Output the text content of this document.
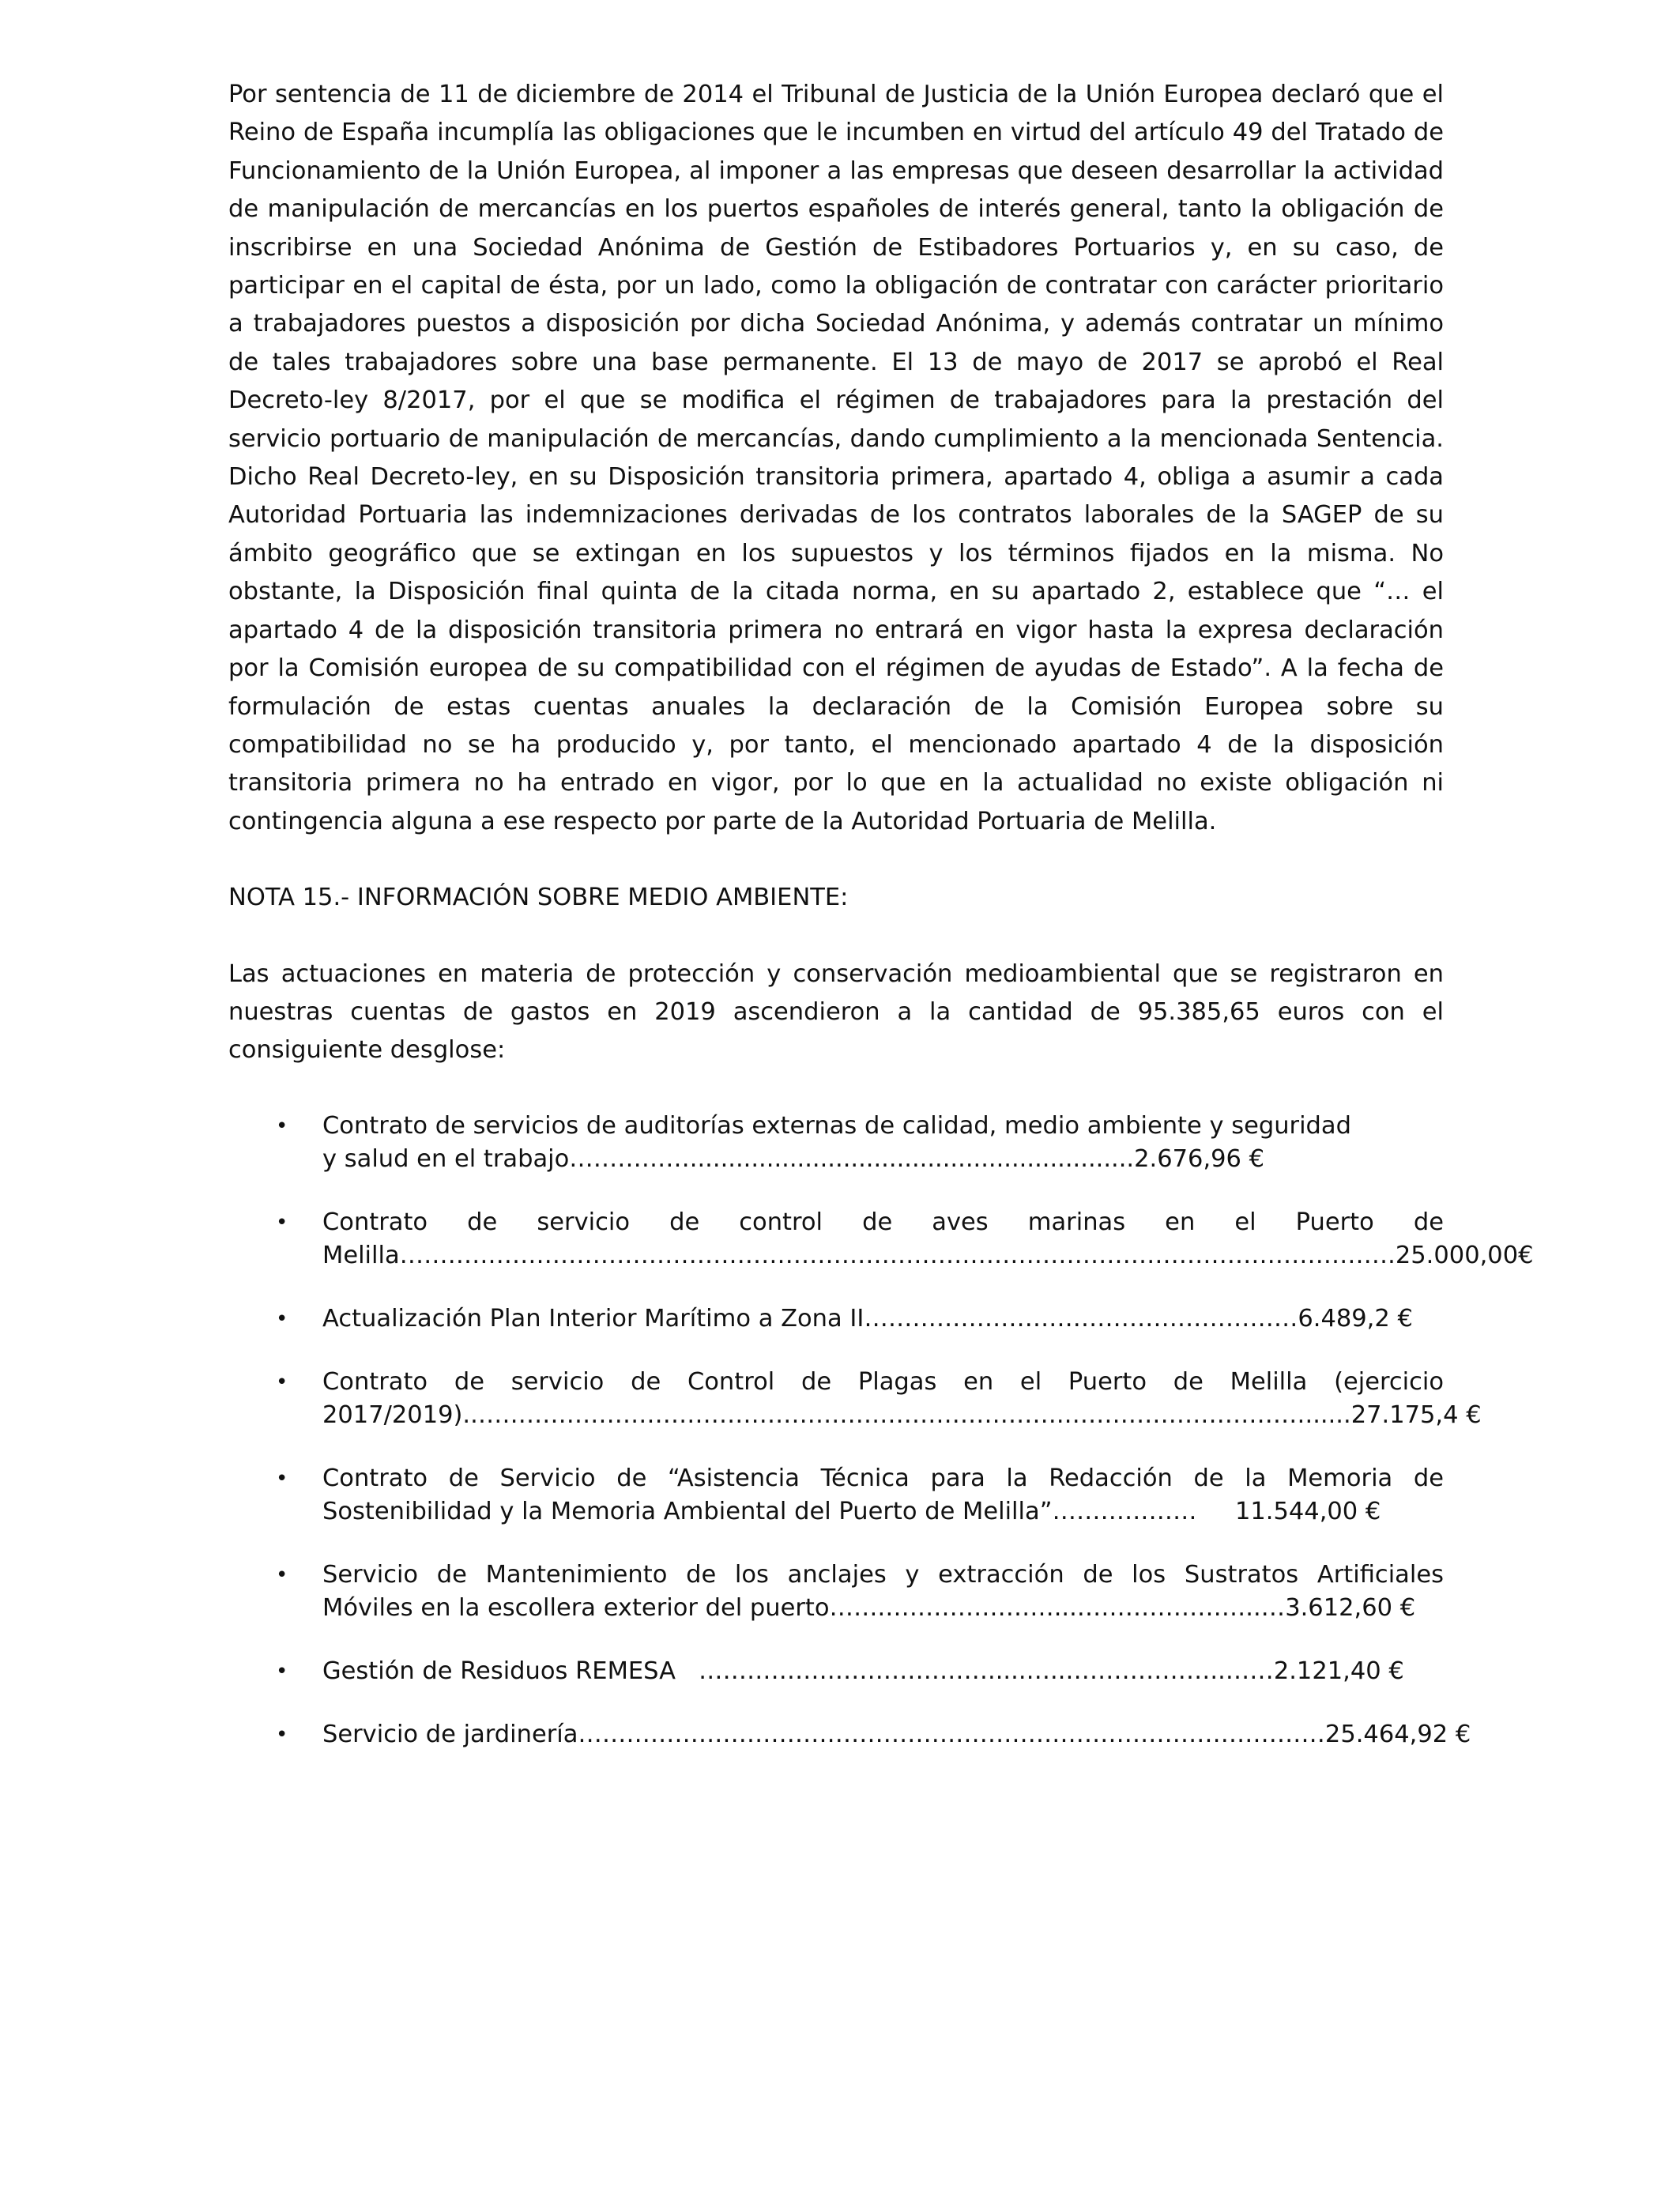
Por sentencia de 11 de diciembre de 2014 el Tribunal de Justicia de la Unión Europea declaró que el Reino de España incumplía las obligaciones que le incumben en virtud del artículo 49 del Tratado de Funcionamiento de la Unión Europea, al imponer a las empresas que deseen desarrollar la actividad de manipulación de mercancías en los puertos españoles de interés general, tanto la obligación de inscribirse en una Sociedad Anónima de Gestión de Estibadores Portuarios y, en su caso, de participar en el capital de ésta, por un lado, como la obligación de contratar con carácter prioritario a trabajadores puestos a disposición por dicha Sociedad Anónima, y además contratar un mínimo de tales trabajadores sobre una base permanente. El 13 de mayo de 2017 se aprobó el Real Decreto-ley 8/2017, por el que se modifica el régimen de trabajadores para la prestación del servicio portuario de manipulación de mercancías, dando cumplimiento a la mencionada Sentencia. Dicho Real Decreto-ley, en su Disposición transitoria primera, apartado 4, obliga a asumir a cada Autoridad Portuaria las indemnizaciones derivadas de los contratos laborales de la SAGEP de su ámbito geográfico que se extingan en los supuestos y los términos fijados en la misma. No obstante, la Disposición final quinta de la citada norma, en su apartado 2, establece que “… el apartado 4 de la disposición transitoria primera no entrará en vigor hasta la expresa declaración por la Comisión europea de su compatibilidad con el régimen de ayudas de Estado”. A la fecha de formulación de estas cuentas anuales la declaración de la Comisión Europea sobre su compatibilidad no se ha producido y, por tanto, el mencionado apartado 4 de la disposición transitoria primera no ha entrado en vigor, por lo que en la actualidad no existe obligación ni contingencia alguna a ese respecto por parte de la Autoridad Portuaria de Melilla.

NOTA 15.- INFORMACIÓN SOBRE MEDIO AMBIENTE:

Las actuaciones en materia de protección y conservación medioambiental que se registraron en nuestras cuentas de gastos en 2019 ascendieron a la cantidad de 95.385,65 euros con el consiguiente desglose:

• Contrato de servicios de auditorías externas de calidad, medio ambiente y seguridad
y salud en el trabajo……………..........................................................2.676,96 €
• Contrato de servicio de control de aves marinas en el Puerto de
Melilla…………………………………………………………………………………………………………….25.000,00€
• Actualización Plan Interior Marítimo a Zona II………………………………………………6.489,2 €
• Contrato de servicio de Control de Plagas en el Puerto de Melilla (ejercicio
2017/2019)..……………………………………………………………….…………………………......27.175,4 €
• Contrato de Servicio de “Asistencia Técnica para la Redacción de la Memoria de
Sostenibilidad y la Memoria Ambiental del Puerto de Melilla”………………     11.544,00 €
• Servicio de Mantenimiento de los anclajes y extracción de los Sustratos Artificiales
Móviles en la escollera exterior del puerto…….…………………...…………………..…3.612,60 €
• Gestión de Residuos REMESA   ……………………………….....…..………………..……2.121,40 €
• Servicio de jardinería…………………………………………………………………………………25.464,92 €
